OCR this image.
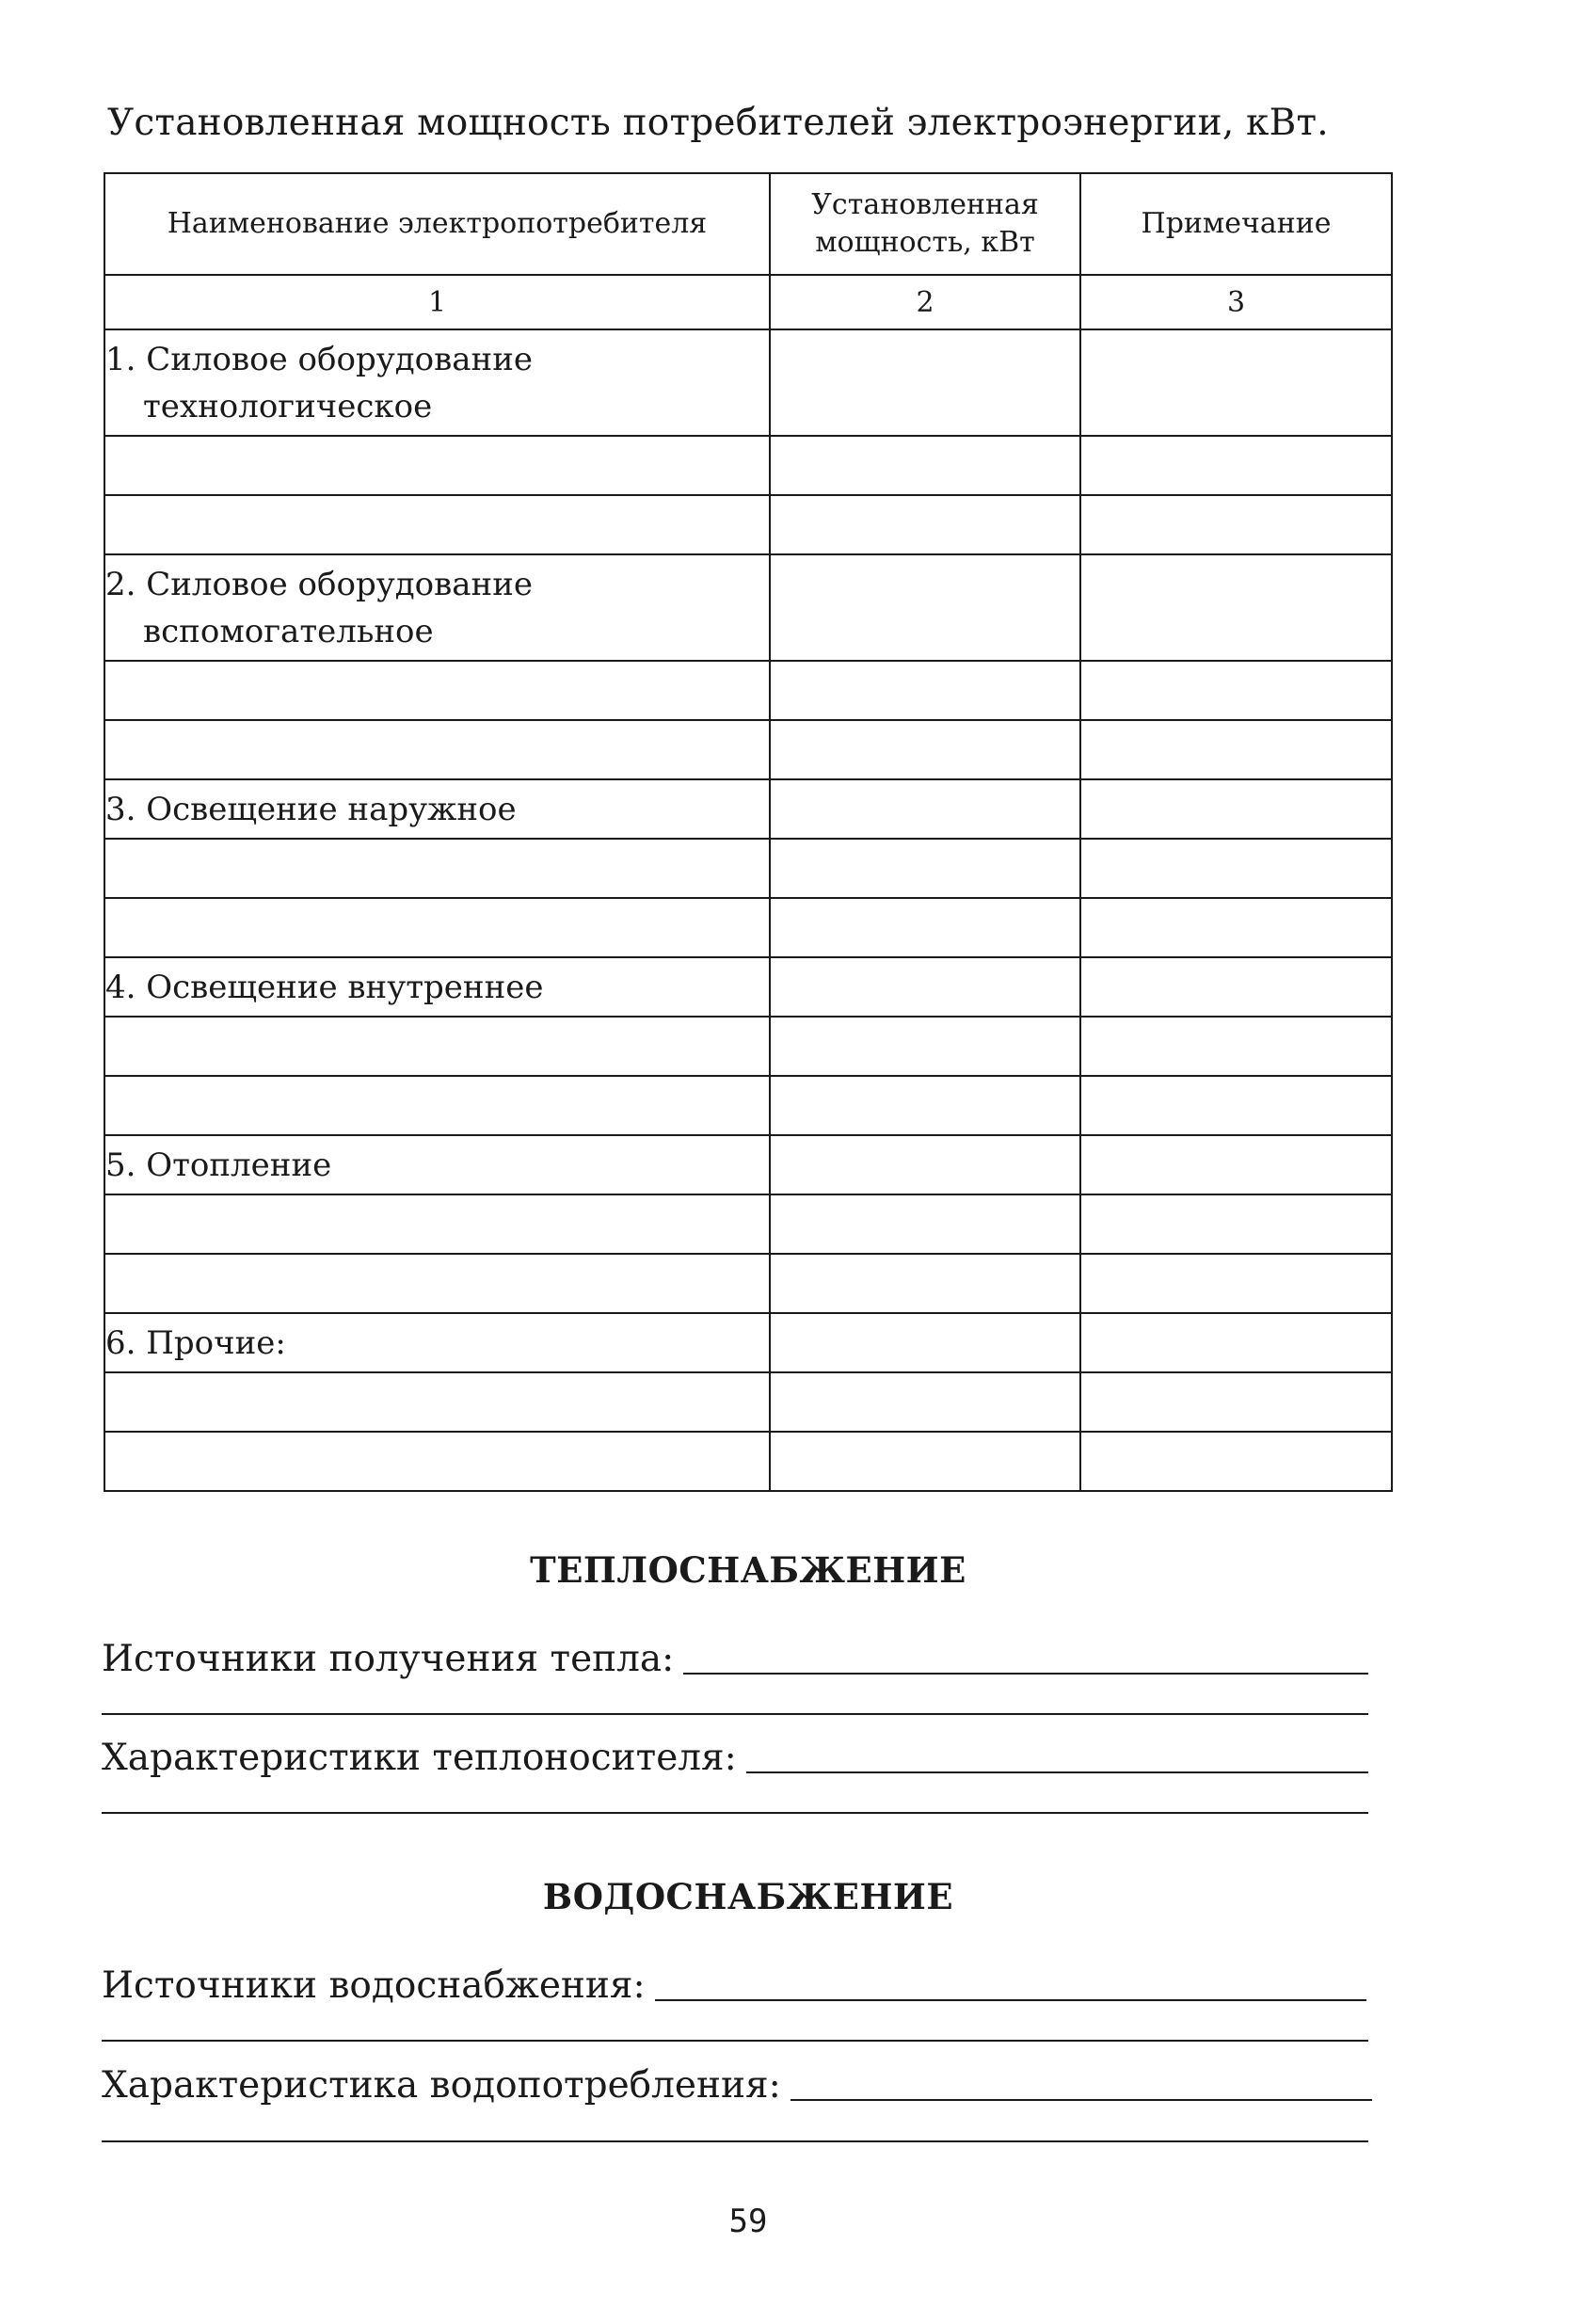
Установленная мощность потребителей электроэнергии, кВт.
Наименование электропотребителя	Установленная мощность, кВт	Примечание
1	2	3
1. Силовое оборудование
технологическое		

2. Силовое оборудование
вспомогательное		

3. Освещение наружное		

4. Освещение внутреннее		

5. Отопление		

6. Прочие:		

ТЕПЛОСНАБЖЕНИЕ
Источники получения тепла:
Характеристики теплоносителя:
ВОДОСНАБЖЕНИЕ
Источники водоснабжения:
Характеристика водопотребления:
59
